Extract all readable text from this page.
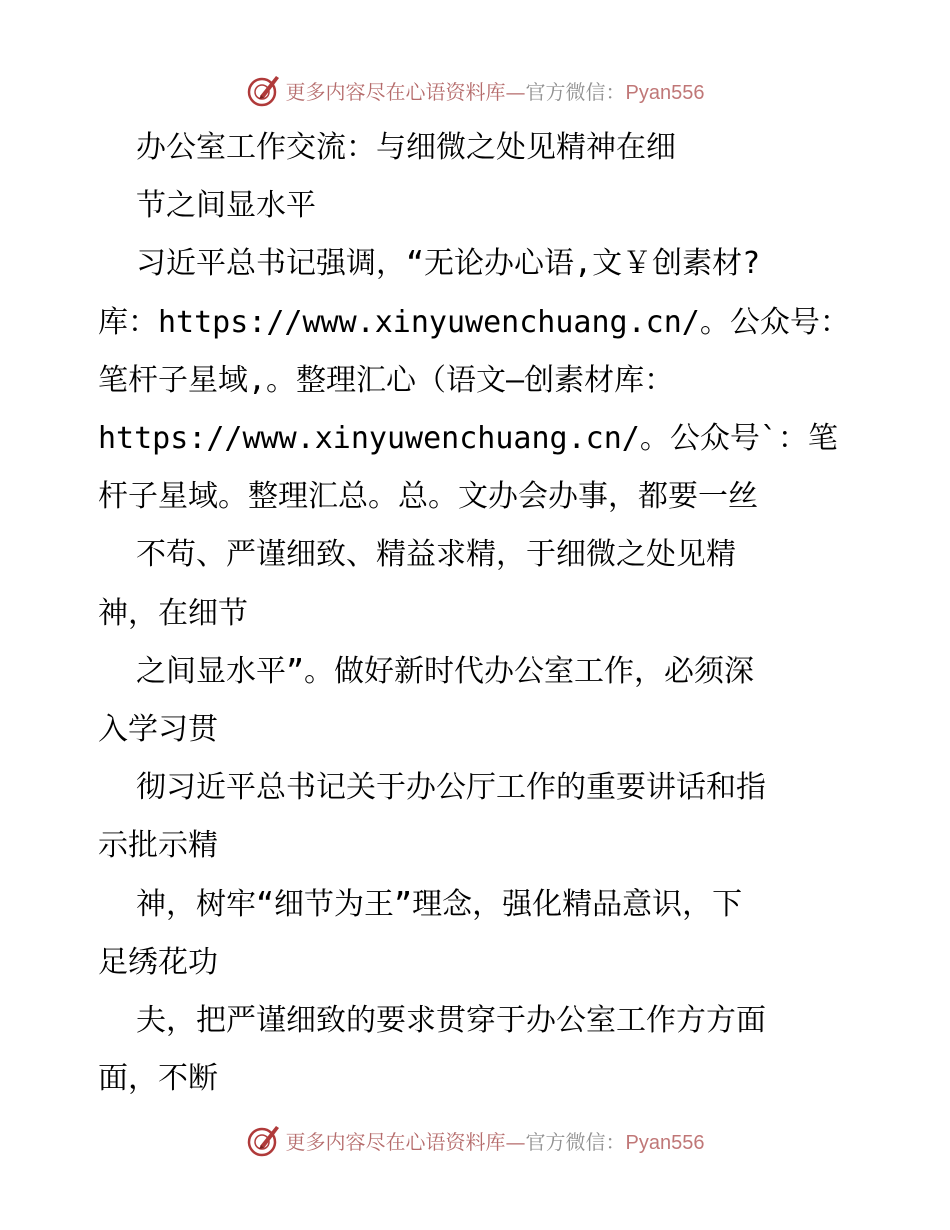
更多内容尽在心语资料库—官方微信：Pyan556
办公室工作交流：与细微之处见精神在细
节之间显水平
习近平总书记强调，“无论办心语,文￥创素材?
库：https://www.xinyuwenchuang.cn/。公众号：
笔杆子星域,。整理汇心（语文—创素材库：
https://www.xinyuwenchuang.cn/。公众号`：笔
杆子星域。整理汇总。总。文办会办事，都要一丝
不苟、严谨细致、精益求精，于细微之处见精
神，在细节
之间显水平”。做好新时代办公室工作，必须深
入学习贯
彻习近平总书记关于办公厅工作的重要讲话和指
示批示精
神，树牢“细节为王”理念，强化精品意识，下
足绣花功
夫，把严谨细致的要求贯穿于办公室工作方方面
面，不断
更多内容尽在心语资料库—官方微信：Pyan556
